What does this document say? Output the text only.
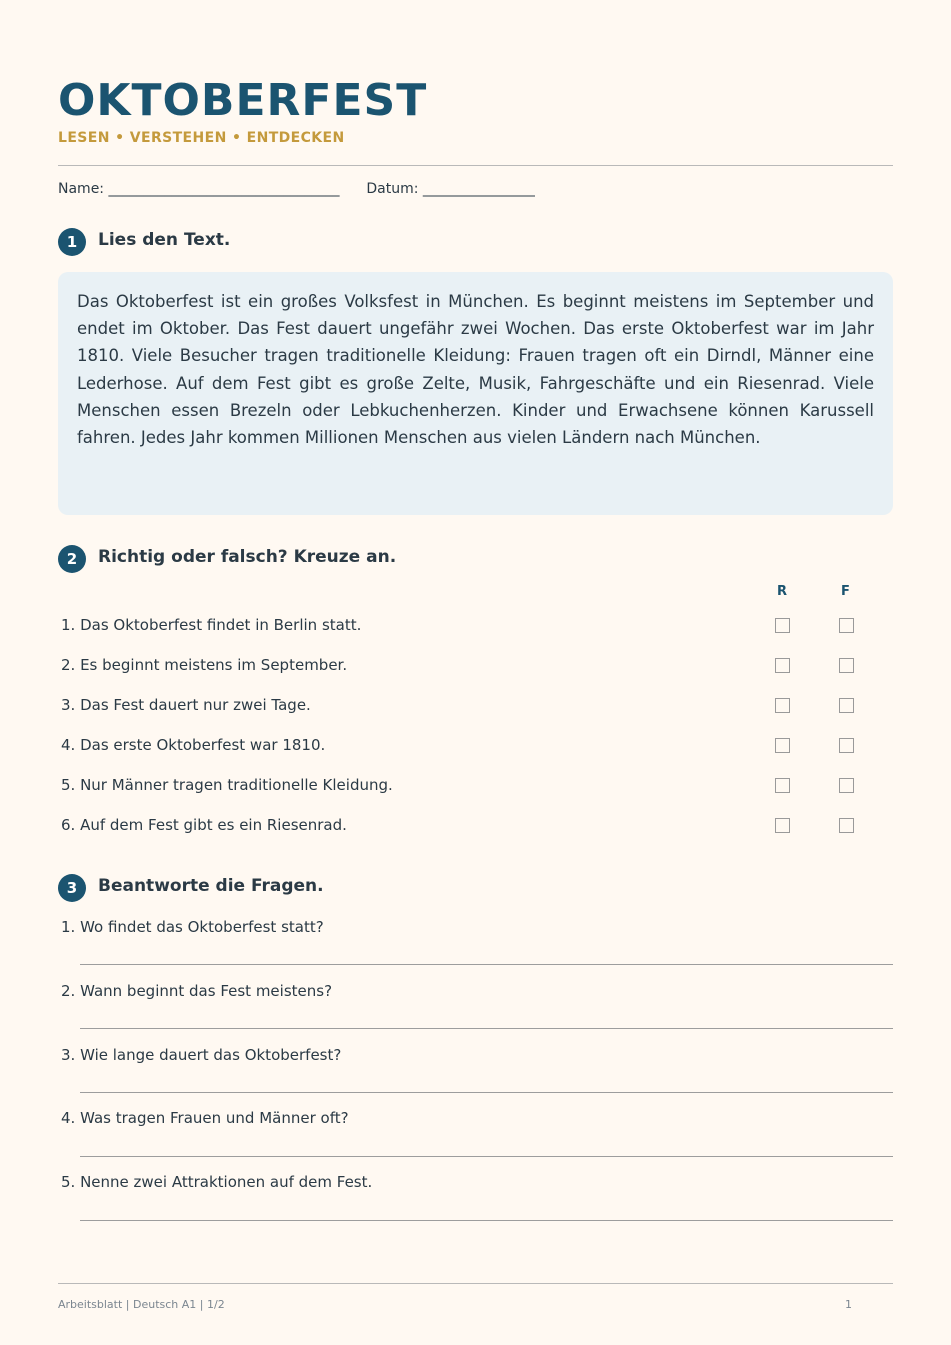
OKTOBERFEST
LESEN • VERSTEHEN • ENTDECKEN
Name: _________________________________ Datum: ________________
1	Lies den Text.

Das Oktoberfest ist ein großes Volksfest in München. Es beginnt meistens im September und endet im Oktober. Das Fest dauert ungefähr zwei Wochen. Das erste Oktoberfest war im Jahr 1810. Viele Besucher tragen traditionelle Kleidung: Frauen tragen oft ein Dirndl, Männer eine Lederhose. Auf dem Fest gibt es große Zelte, Musik, Fahrgeschäfte und ein Riesenrad. Viele Menschen essen Brezeln oder Lebkuchenherzen. Kinder und Erwachsene können Karussell fahren. Jedes Jahr kommen Millionen Menschen aus vielen Ländern nach München.

2	Richtig oder falsch? Kreuze an.
R	F
1. Das Oktoberfest findet in Berlin statt.
2. Es beginnt meistens im September.
3. Das Fest dauert nur zwei Tage.
4. Das erste Oktoberfest war 1810.
5. Nur Männer tragen traditionelle Kleidung.
6. Auf dem Fest gibt es ein Riesenrad.
3	Beantworte die Fragen.
1. Wo findet das Oktoberfest statt?
2. Wann beginnt das Fest meistens?
3. Wie lange dauert das Oktoberfest?
4. Was tragen Frauen und Männer oft?
5. Nenne zwei Attraktionen auf dem Fest.
Arbeitsblatt | Deutsch A1 | 1/2	1
